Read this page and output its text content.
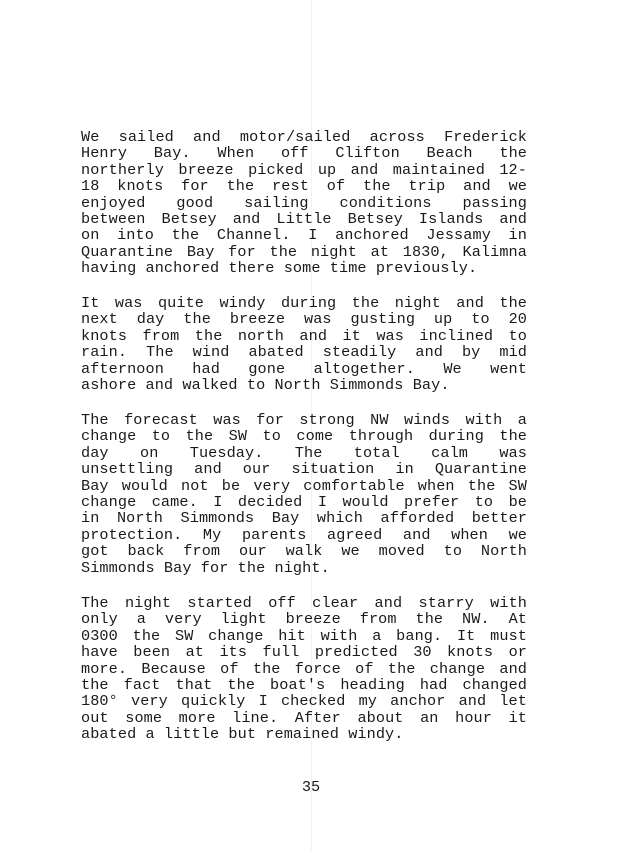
We sailed and motor/sailed across Frederick
Henry Bay. When off Clifton Beach the
northerly breeze picked up and maintained 12-
18 knots for the rest of the trip and we
enjoyed good sailing conditions passing
between Betsey and Little Betsey Islands and
on into the Channel. I anchored Jessamy in
Quarantine Bay for the night at 1830, Kalimna
having anchored there some time previously.

It was quite windy during the night and the
next day the breeze was gusting up to 20
knots from the north and it was inclined to
rain. The wind abated steadily and by mid
afternoon had gone altogether. We went
ashore and walked to North Simmonds Bay.

The forecast was for strong NW winds with a
change to the SW to come through during the
day on Tuesday. The total calm was
unsettling and our situation in Quarantine
Bay would not be very comfortable when the SW
change came. I decided I would prefer to be
in North Simmonds Bay which afforded better
protection. My parents agreed and when we
got back from our walk we moved to North
Simmonds Bay for the night.

The night started off clear and starry with
only a very light breeze from the NW. At
0300 the SW change hit with a bang. It must
have been at its full predicted 30 knots or
more. Because of the force of the change and
the fact that the boat's heading had changed
180° very quickly I checked my anchor and let
out some more line. After about an hour it
abated a little but remained windy.

35
